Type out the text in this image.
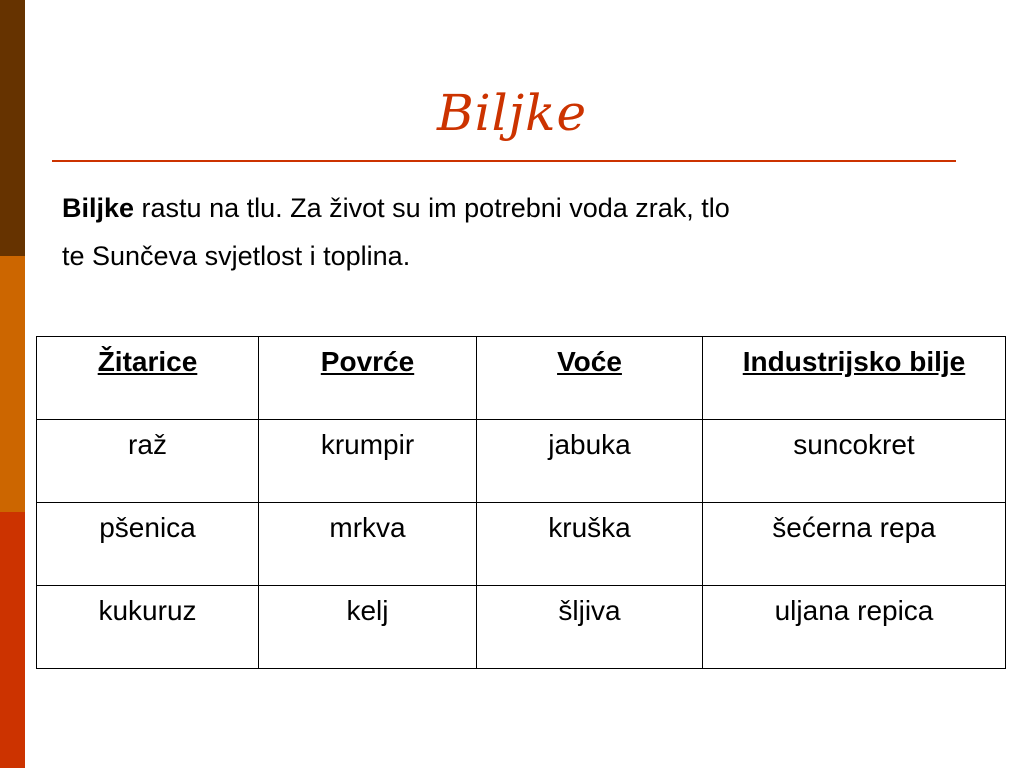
Biljke

Biljke rastu na tlu. Za život su im potrebni voda zrak, tlo
te Sunčeva svjetlost i toplina.

Žitarice	Povrće	Voće	Industrijsko bilje
raž	krumpir	jabuka	suncokret
pšenica	mrkva	kruška	šećerna repa
kukuruz	kelj	šljiva	uljana repica
